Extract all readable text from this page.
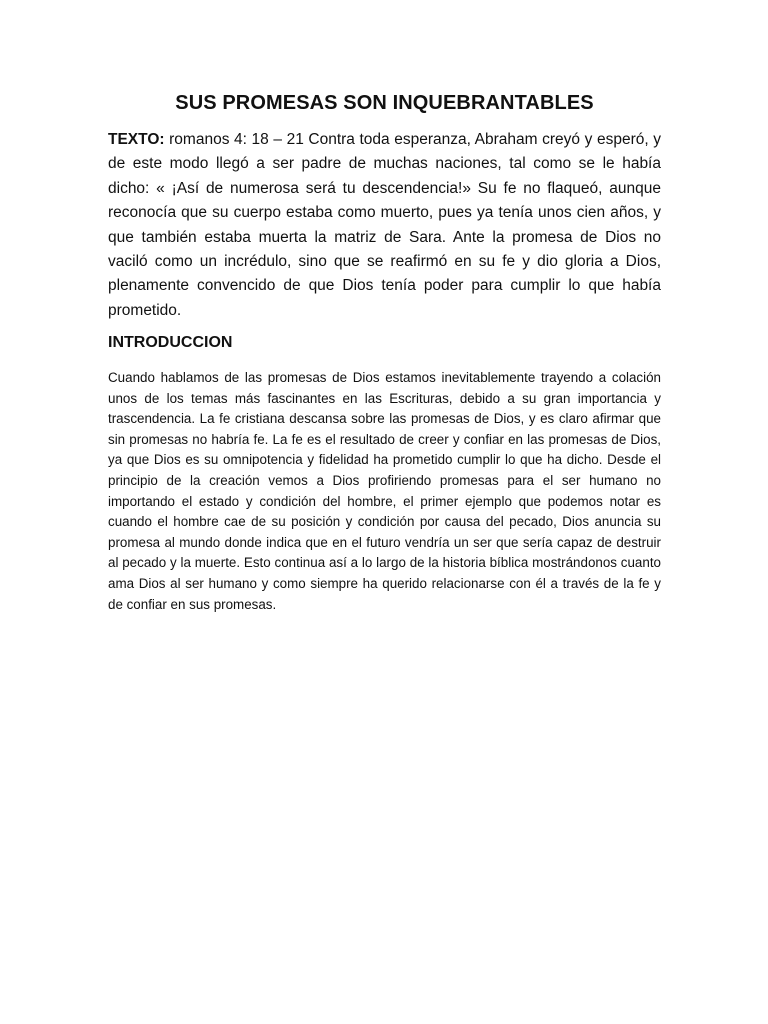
SUS PROMESAS SON INQUEBRANTABLES

TEXTO: romanos 4: 18 – 21 Contra toda esperanza, Abraham creyó y esperó, y de este modo llegó a ser padre de muchas naciones, tal como se le había dicho: « ¡Así de numerosa será tu descendencia!» Su fe no flaqueó, aunque reconocía que su cuerpo estaba como muerto, pues ya tenía unos cien años, y que también estaba muerta la matriz de Sara. Ante la promesa de Dios no vaciló como un incrédulo, sino que se reafirmó en su fe y dio gloria a Dios, plenamente convencido de que Dios tenía poder para cumplir lo que había prometido.

INTRODUCCION

Cuando hablamos de las promesas de Dios estamos inevitablemente trayendo a colación unos de los temas más fascinantes en las Escrituras, debido a su gran importancia y trascendencia. La fe cristiana descansa sobre las promesas de Dios, y es claro afirmar que sin promesas no habría fe. La fe es el resultado de creer y confiar en las promesas de Dios, ya que Dios es su omnipotencia y fidelidad ha prometido cumplir lo que ha dicho. Desde el principio de la creación vemos a Dios profiriendo promesas para el ser humano no importando el estado y condición del hombre, el primer ejemplo que podemos notar es cuando el hombre cae de su posición y condición por causa del pecado, Dios anuncia su promesa al mundo donde indica que en el futuro vendría un ser que sería capaz de destruir al pecado y la muerte. Esto continua así a lo largo de la historia bíblica mostrándonos cuanto ama Dios al ser humano y como siempre ha querido relacionarse con él a través de la fe y de confiar en sus promesas.
